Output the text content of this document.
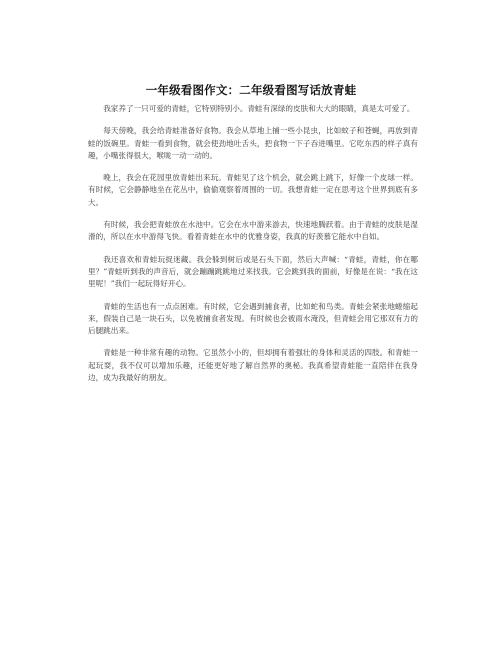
一年级看图作文：二年级看图写话放青蛙

我家养了一只可爱的青蛙，它特别特别小。青蛙有深绿的皮肤和大大的眼睛，真是太可爱了。

每天傍晚，我会给青蛙准备好食物。我会从草地上捕一些小昆虫，比如蚊子和苍蝇，再放到青蛙的饭碗里。青蛙一看到食物，就会使劲地吐舌头，把食物一下子吞进嘴里。它吃东西的样子真有趣，小嘴张得很大，喉咙一动一动的。

晚上，我会在花园里放青蛙出来玩。青蛙见了这个机会，就会跳上跳下，好像一个皮球一样。有时候，它会静静地坐在花丛中，偷偷观察着周围的一切。我想青蛙一定在思考这个世界到底有多大。

有时候，我会把青蛙放在水池中。它会在水中游来游去，快速地腾跃着。由于青蛙的皮肤是湿滑的，所以在水中游得飞快。看着青蛙在水中的优雅身姿，我真的好羡慕它能水中自如。

我还喜欢和青蛙玩捉迷藏。我会躲到树后或是石头下面，然后大声喊：“青蛙，青蛙，你在哪里？”青蛙听到我的声音后，就会蹦蹦跳跳地过来找我。它会跳到我的面前，好像是在说：“我在这里呢！”我们一起玩得好开心。

青蛙的生活也有一点点困难。有时候，它会遇到捕食者，比如蛇和鸟类。青蛙会紧张地蜷缩起来，假装自己是一块石头，以免被捕食者发现。有时候也会被雨水淹没，但青蛙会用它那双有力的后腿跳出来。

青蛙是一种非常有趣的动物。它虽然小小的，但却拥有着强壮的身体和灵活的四肢。和青蛙一起玩耍，我不仅可以增加乐趣，还能更好地了解自然界的奥秘。我真希望青蛙能一直陪伴在我身边，成为我最好的朋友。
